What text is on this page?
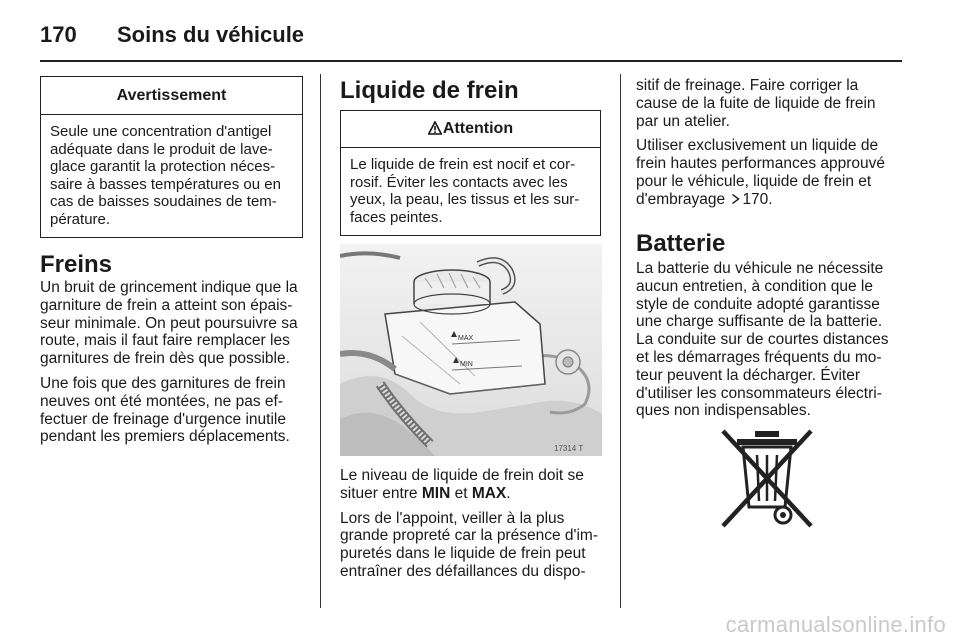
170 Soins du véhicule
Avertissement
Seule une concentration d'antigel
adéquate dans le produit de lave-
glace garantit la protection néces-
saire à basses températures ou en
cas de baisses soudaines de tem-
pérature.
Freins

Un bruit de grincement indique que la
garniture de frein a atteint son épais-
seur minimale. On peut poursuivre sa
route, mais il faut faire remplacer les
garnitures de frein dès que possible.

Une fois que des garnitures de frein
neuves ont été montées, ne pas ef-
fectuer de freinage d'urgence inutile
pendant les premiers déplacements.

Liquide de frein
Attention
Le liquide de frein est nocif et cor-
rosif. Éviter les contacts avec les
yeux, la peau, les tissus et les sur-
faces peintes.
MAX
MIN
17314 T

Le niveau de liquide de frein doit se
situer entre MIN et MAX.

Lors de l'appoint, veiller à la plus
grande propreté car la présence d'im-
puretés dans le liquide de frein peut
entraîner des défaillances du dispo-

sitif de freinage. Faire corriger la
cause de la fuite de liquide de frein
par un atelier.

Utiliser exclusivement un liquide de
frein hautes performances approuvé
pour le véhicule, liquide de frein et
d'embrayage 170.

Batterie

La batterie du véhicule ne nécessite
aucun entretien, à condition que le
style de conduite adopté garantisse
une charge suffisante de la batterie.
La conduite sur de courtes distances
et les démarrages fréquents du mo-
teur peuvent la décharger. Éviter
d'utiliser les consommateurs électri-
ques non indispensables.

carmanualsonline.info
